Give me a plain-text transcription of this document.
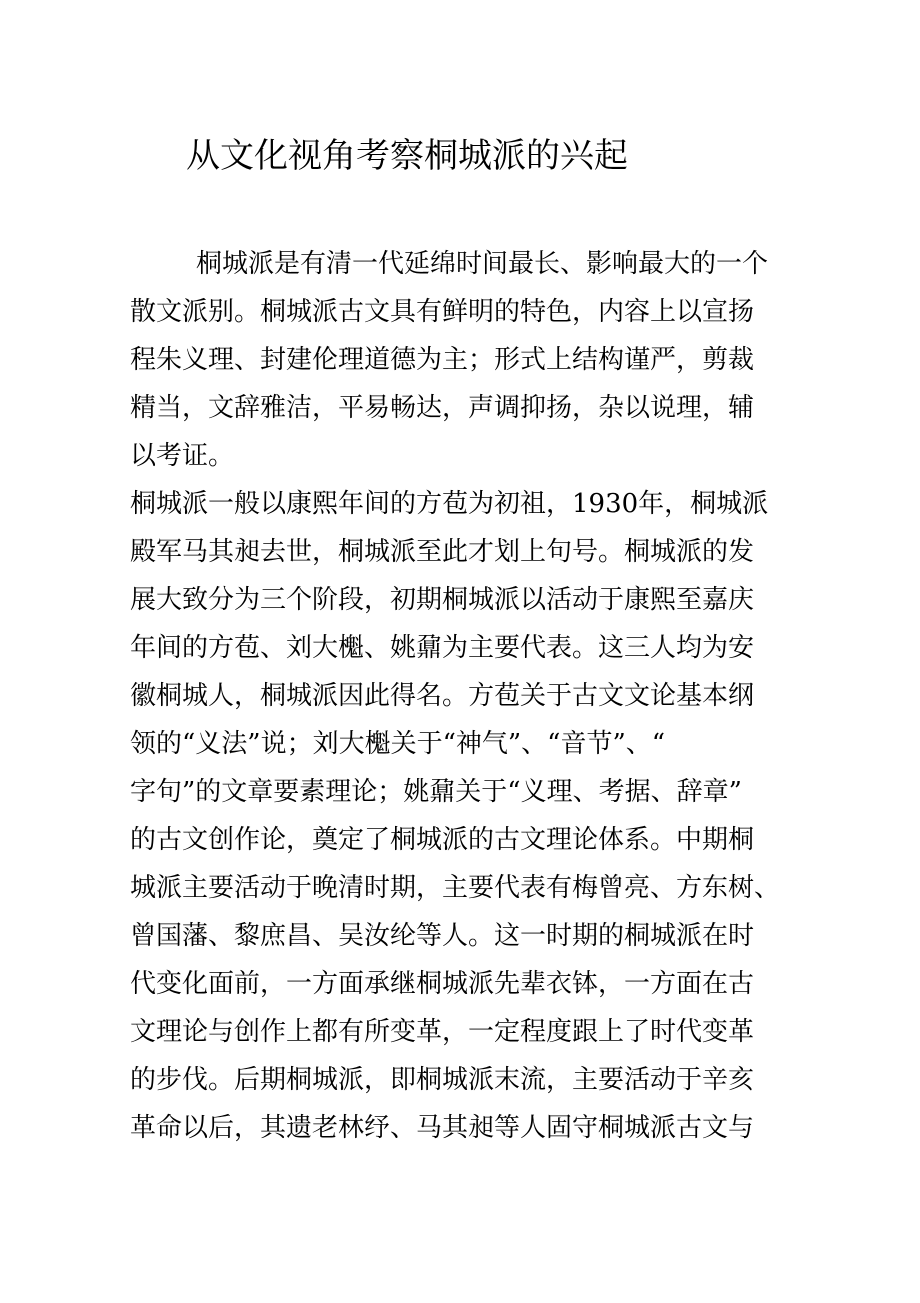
从文化视角考察桐城派的兴起
桐城派是有清一代延绵时间最长、影响最大的一个
散文派别。桐城派古文具有鲜明的特色，内容上以宣扬
程朱义理、封建伦理道德为主；形式上结构谨严，剪裁
精当，文辞雅洁，平易畅达，声调抑扬，杂以说理，辅
以考证。
桐城派一般以康熙年间的方苞为初祖，1930年，桐城派
殿军马其昶去世，桐城派至此才划上句号。桐城派的发
展大致分为三个阶段，初期桐城派以活动于康熙至嘉庆
年间的方苞、刘大櫆、姚鼐为主要代表。这三人均为安
徽桐城人，桐城派因此得名。方苞关于古文文论基本纲
领的“义法”说；刘大櫆关于“神气”、“音节”、“
字句”的文章要素理论；姚鼐关于“义理、考据、辞章”
的古文创作论，奠定了桐城派的古文理论体系。中期桐
城派主要活动于晚清时期，主要代表有梅曾亮、方东树、
曾国藩、黎庶昌、吴汝纶等人。这一时期的桐城派在时
代变化面前，一方面承继桐城派先辈衣钵，一方面在古
文理论与创作上都有所变革，一定程度跟上了时代变革
的步伐。后期桐城派，即桐城派末流，主要活动于辛亥
革命以后，其遗老林纾、马其昶等人固守桐城派古文与
